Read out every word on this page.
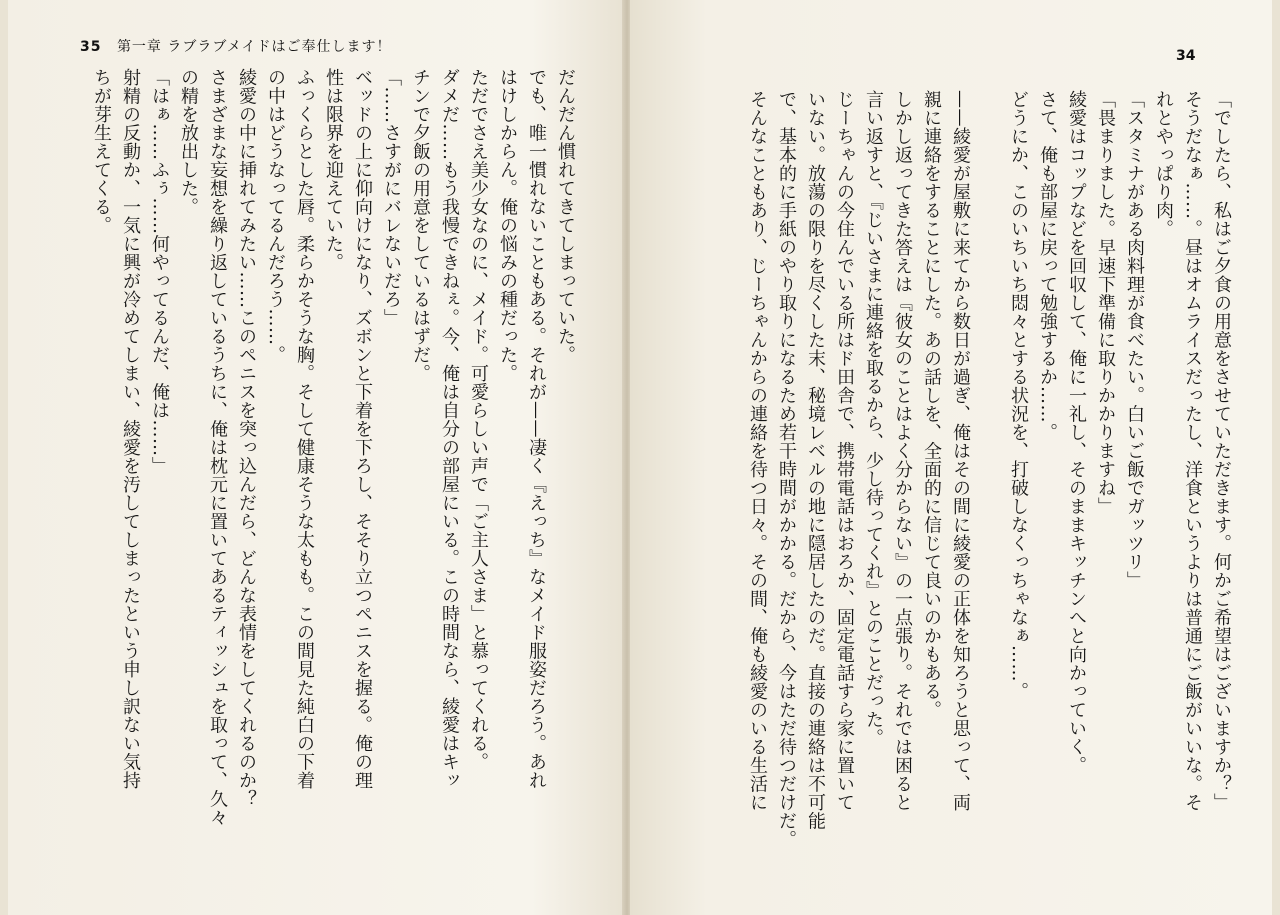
35 第一章 ラブラブメイドはご奉仕します！

だんだん慣れてきてしまっていた。

でも、唯一慣れないこともある。それが——凄く『えっち』なメイド服姿だろう。あれ

はけしからん。俺の悩みの種だった。

ただでさえ美少女なのに、メイド。可愛らしい声で「ご主人さま」と慕ってくれる。

ダメだ……もう我慢できねぇ。今、俺は自分の部屋にいる。この時間なら、綾愛はキッ

チンで夕飯の用意をしているはずだ。

「……さすがにバレないだろ」

ベッドの上に仰向けになり、ズボンと下着を下ろし、そそり立つペニスを握る。俺の理

性は限界を迎えていた。

ふっくらとした唇。柔らかそうな胸。そして健康そうな太もも。この間見た純白の下着

の中はどうなってるんだろう……。

綾愛の中に挿れてみたい……このペニスを突っ込んだら、どんな表情をしてくれるのか？

さまざまな妄想を繰り返しているうちに、俺は枕元に置いてあるティッシュを取って、久々

の精を放出した。

「はぁ……ふぅ……何やってるんだ、俺は……」

射精の反動か、一気に興が冷めてしまい、綾愛を汚してしまったという申し訳ない気持

ちが芽生えてくる。

34

「でしたら、私はご夕食の用意をさせていただきます。何かご希望はございますか？」

そうだなぁ……。昼はオムライスだったし、洋食というよりは普通にご飯がいいな。そ

れとやっぱり肉。

「スタミナがある肉料理が食べたい。白いご飯でガッツリ」

「畏まりました。早速下準備に取りかかりますね」

綾愛はコップなどを回収して、俺に一礼し、そのままキッチンへと向かっていく。

さて、俺も部屋に戻って勉強するか……。

どうにか、このいちいち悶々とする状況を、打破しなくっちゃなぁ……。

——綾愛が屋敷に来てから数日が過ぎ、俺はその間に綾愛の正体を知ろうと思って、両

親に連絡をすることにした。あの話しを、全面的に信じて良いのかもある。

しかし返ってきた答えは『彼女のことはよく分からない』の一点張り。それでは困ると

言い返すと、『じいさまに連絡を取るから、少し待ってくれ』とのことだった。

じーちゃんの今住んでいる所はド田舎で、携帯電話はおろか、固定電話すら家に置いて

いない。放蕩の限りを尽くした末、秘境レベルの地に隠居したのだ。直接の連絡は不可能

で、基本的に手紙のやり取りになるため若干時間がかかる。だから、今はただ待つだけだ。

そんなこともあり、じーちゃんからの連絡を待つ日々。その間、俺も綾愛のいる生活に
